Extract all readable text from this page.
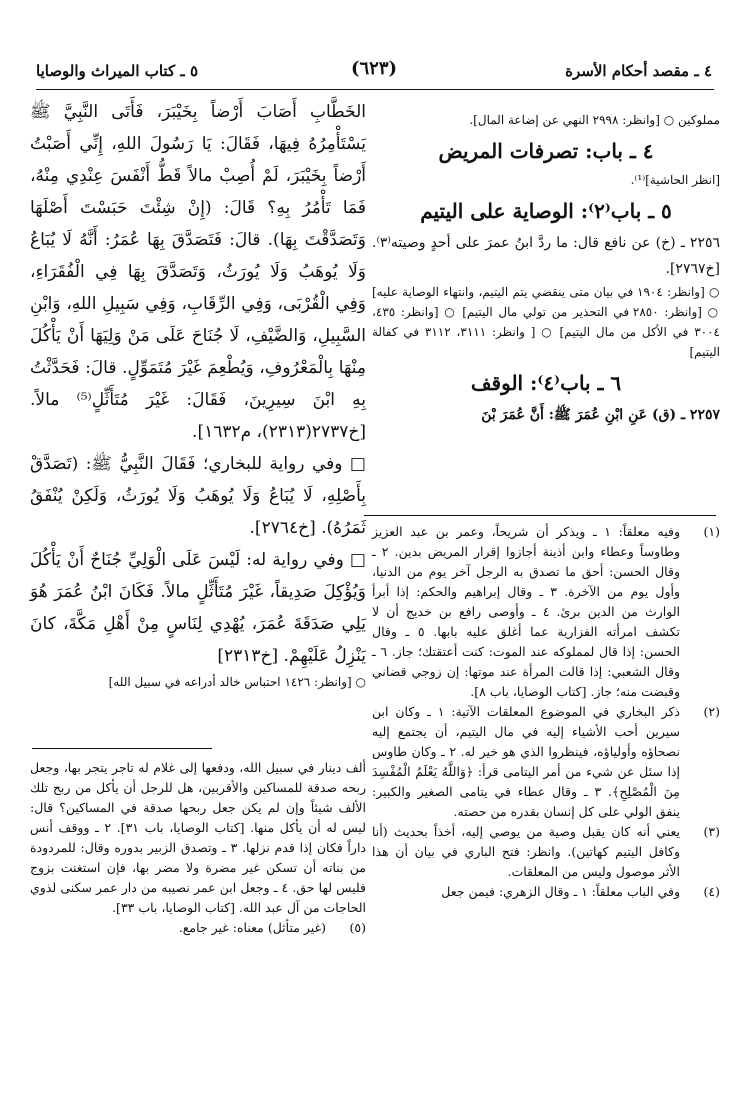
٤ ـ مقصد أحكام الأسرة
(٦٢٣)
٥ ـ كتاب الميراث والوصايا

مملوكين ○ [وانظر: ٢٩٩٨ النهي عن إضاعة المال].

٤ ـ باب: تصرفات المريض

[انظر الحاشية]⁽¹⁾.

٥ ـ باب⁽٢⁾: الوصاية على اليتيم

٢٢٥٦ ـ (خ) عن نافع قال: ما ردَّ ابنُ عمرَ على أحدٍ وصيته⁽٣⁾. [خ٢٧٦٧].

○ [وانظر: ١٩٠٤ في بيان متى ينقضي يتم اليتيم، وانتهاء الوصاية عليه] ○ [وانظر: ٢٨٥٠ في التحذير من تولي مال اليتيم] ○ [وانظر: ٤٣٥، ٣٠٠٤ في الأكل من مال اليتيم] ○ [ وانظر: ٣١١١، ٣١١٢ في كفالة اليتيم]

٦ ـ باب⁽٤⁾: الوقف

٢٢٥٧ ـ (ق) عَنِ ابْنِ عُمَرَ ﷺ: أَنَّ عُمَرَ بْنَ

(١)
وفيه معلقاً: ١ ـ ويذكر أن شريحاً، وعمر بن عبد العزيز وطاوساً وعطاء وابن أذينة أجازوا إقرار المريض بدين. ٢ ـ وقال الحسن: أحق ما تصدق به الرجل آخر يوم من الدنيا، وأول يوم من الآخرة. ٣ ـ وقال إبراهيم والحكم: إذا أبرأ الوارث من الدين برئ. ٤ ـ وأوصى رافع بن خديج أن لا تكشف امرأته الفزارية عما أغلق عليه بابها. ٥ ـ وقال الحسن: إذا قال لمملوكه عند الموت: كنت أعتقتك؛ جاز. ٦ ـ وقال الشعبي: إذا قالت المرأة عند موتها: إن زوجي قضاني وقبضت منه؛ جاز. [كتاب الوصايا، باب ٨].
(٢)
ذكر البخاري في الموضوع المعلقات الآتية: ١ ـ وكان ابن سيرين أحب الأشياء إليه في مال اليتيم، أن يجتمع إليه نصحاؤه وأولياؤه، فينظروا الذي هو خير له. ٢ ـ وكان طاوس إذا سئل عن شيء من أمر اليتامى قرأ: ﴿وَاللَّهُ يَعْلَمُ الْمُفْسِدَ مِنَ الْمُصْلِحِ﴾. ٣ ـ وقال عطاء في يتامى الصغير والكبير: ينفق الولي على كل إنسان بقدره من حصته.
(٣)
يعني أنه كان يقبل وصية من يوصي إليه، أخذاً بحديث (أنا وكافل اليتيم كهاتين). وانظر: فتح الباري في بيان أن هذا الأثر موصول وليس من المعلقات.
(٤)
وفي الباب معلقاً: ١ ـ وقال الزهري: فيمن جعل

الخَطَّابِ أَصَابَ أَرْضاً بِخَيْبَرَ، فَأَتَى النَّبِيَّ ﷺ يَسْتَأْمِرُهُ فِيهَا، فَقَالَ: يَا رَسُولَ اللهِ، إِنِّي أَصَبْتُ أَرْضاً بِخَيْبَرَ، لَمْ أُصِبْ مالاً قَطُّ أَنْفَسَ عِنْدِي مِنْهُ، فَمَا تَأْمُرُ بِهِ؟ قَالَ: (إِنْ شِئْتَ حَبَسْتَ أَصْلَهَا وَتَصَدَّقْتَ بِهَا). قالَ: فَتَصَدَّقَ بِهَا عُمَرُ: أَنَّهُ لَا يُبَاعُ وَلَا يُوهَبُ وَلَا يُورَثُ، وَتَصَدَّقَ بِهَا فِي الْفُقَرَاءِ، وَفِي الْقُرْبَى، وَفِي الرِّقَابِ، وَفِي سَبِيلِ اللهِ، وَابْنِ السَّبِيلِ، وَالضَّيْفِ، لَا جُنَاحَ عَلَى مَنْ وَلِيَهَا أَنْ يَأْكُلَ مِنْهَا بِالْمَعْرُوفِ، وَيُطْعِمَ غَيْرَ مُتَمَوِّلٍ. قالَ: فَحَدَّثْتُ بِهِ ابْنَ سِيرِينَ، فَقَالَ: غَيْرَ مُتَأَثِّلٍ⁽⁵⁾ مالاً. [خ٢٧٣٧(٢٣١٣)، م١٦٣٢].

□ وفي رواية للبخاري؛ فَقَالَ النَّبِيُّ ﷺ: (تَصَدَّقْ بِأَصْلِهِ، لَا يُبَاعُ وَلَا يُوهَبُ وَلَا يُورَثُ، وَلَكِنْ يُنْفَقُ ثَمَرُهُ). [خ٢٧٦٤].

□ وفي رواية له: لَيْسَ عَلَى الْوَلِيِّ جُنَاحٌ أَنْ يَأْكُلَ وَيُؤْكِلَ صَدِيقاً، غَيْرَ مُتَأَثِّلٍ مالاً. فَكَانَ ابْنُ عُمَرَ هُوَ يَلِي صَدَقَةَ عُمَرَ، يُهْدِي لِنَاسٍ مِنْ أَهْلِ مَكَّةَ، كانَ يَنْزِلُ عَلَيْهِمْ. [خ٢٣١٣]

○ [وانظر: ١٤٢٦ احتباس خالد أدراعه في سبيل الله]

ألف دينار في سبيل الله، ودفعها إلى غلام له تاجر يتجر بها، وجعل ربحه صدقة للمساكين والأقربين، هل للرجل أن يأكل من ربح تلك الألف شيئاً وإن لم يكن جعل ربحها صدقة في المساكين؟ قال: ليس له أن يأكل منها. [كتاب الوصايا، باب ٣١]. ٢ ـ ووقف أنس داراً فكان إذا قدم نزلها. ٣ ـ وتصدق الزبير بدوره وقال: للمردودة من بناته أن تسكن غير مضرة ولا مضر بها، فإن استغنت بزوج فليس لها حق. ٤ ـ وجعل ابن عمر نصيبه من دار عمر سكنى لذوي الحاجات من آل عبد الله. [كتاب الوصايا، باب ٣٣].

(٥)
(غير متأثل) معناه: غير جامع.
